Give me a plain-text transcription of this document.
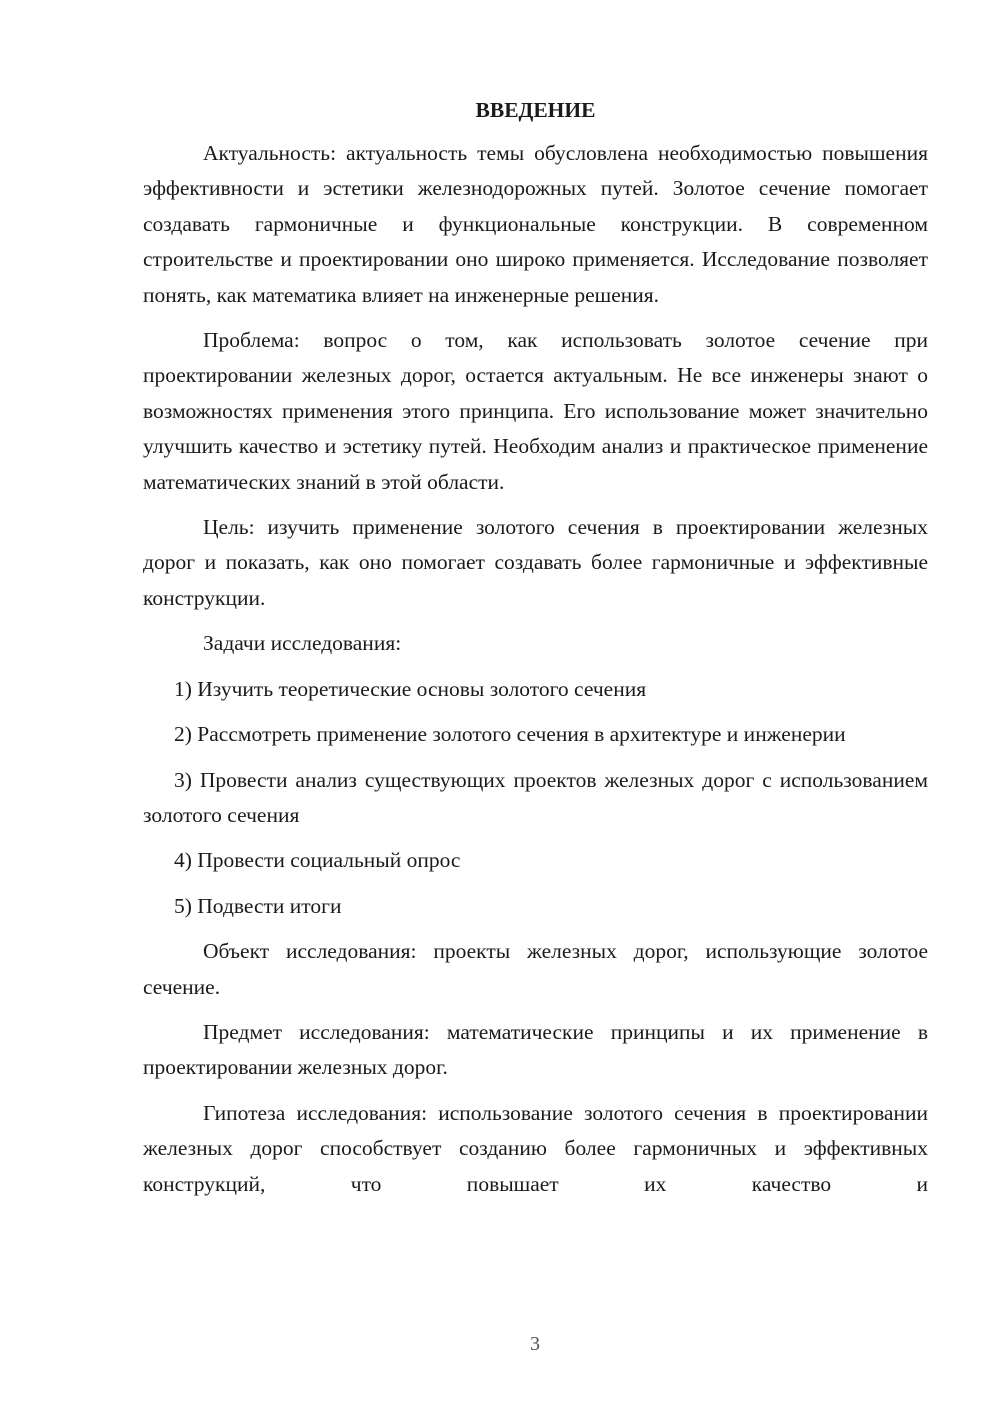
ВВЕДЕНИЕ

Актуальность: актуальность темы обусловлена необходимостью повышения эффективности и эстетики железнодорожных путей. Золотое сечение помогает создавать гармоничные и функциональные конструкции. В современном строительстве и проектировании оно широко применяется. Исследование позволяет понять, как математика влияет на инженерные решения.

Проблема: вопрос о том, как использовать золотое сечение при проектировании железных дорог, остается актуальным. Не все инженеры знают о возможностях применения этого принципа. Его использование может значительно улучшить качество и эстетику путей. Необходим анализ и практическое применение математических знаний в этой области.

Цель: изучить применение золотого сечения в проектировании железных дорог и показать, как оно помогает создавать более гармоничные и эффективные конструкции.

Задачи исследования:

1) Изучить теоретические основы золотого сечения

2) Рассмотреть применение золотого сечения в архитектуре и инженерии

3) Провести анализ существующих проектов железных дорог с использованием золотого сечения

4) Провести социальный опрос

5) Подвести итоги

Объект исследования: проекты железных дорог, использующие золотое сечение.

Предмет исследования: математические принципы и их применение в проектировании железных дорог.

Гипотеза исследования: использование золотого сечения в проектировании железных дорог способствует созданию более гармоничных и эффективных конструкций, что повышает их качество и

3
